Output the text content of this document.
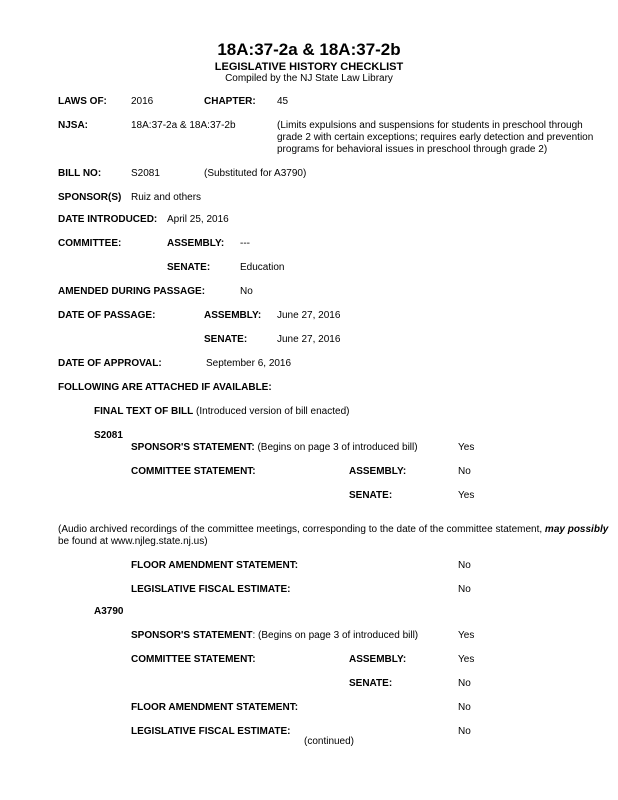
18A:37-2a & 18A:37-2b
LEGISLATIVE HISTORY CHECKLIST
Compiled by the NJ State Law Library
LAWS OF: 2016	CHAPTER: 45
NJSA:	18A:37-2a & 18A:37-2b	(Limits expulsions and suspensions for students in preschool through
grade 2 with certain exceptions; requires early detection and prevention
programs for behavioral issues in preschool through grade 2)
BILL NO:	S2081	(Substituted for A3790)
SPONSOR(S) Ruiz and others
DATE INTRODUCED: April 25, 2016
COMMITTEE:	ASSEMBLY: ---
SENATE:	Education
AMENDED DURING PASSAGE:	No
DATE OF PASSAGE:	ASSEMBLY: June 27, 2016
SENATE:	June 27, 2016
DATE OF APPROVAL:	September 6, 2016
FOLLOWING ARE ATTACHED IF AVAILABLE:
FINAL TEXT OF BILL (Introduced version of bill enacted)
S2081
SPONSOR'S STATEMENT: (Begins on page 3 of introduced bill)	Yes
COMMITTEE STATEMENT:	ASSEMBLY:	No
SENATE:	Yes
(Audio archived recordings of the committee meetings, corresponding to the date of the committee statement, may possibly
be found at www.njleg.state.nj.us)
FLOOR AMENDMENT STATEMENT:	No
LEGISLATIVE FISCAL ESTIMATE:	No
A3790
SPONSOR'S STATEMENT: (Begins on page 3 of introduced bill)	Yes
COMMITTEE STATEMENT:	ASSEMBLY:	Yes
SENATE:	No
FLOOR AMENDMENT STATEMENT:	No
LEGISLATIVE FISCAL ESTIMATE:	No
(continued)
